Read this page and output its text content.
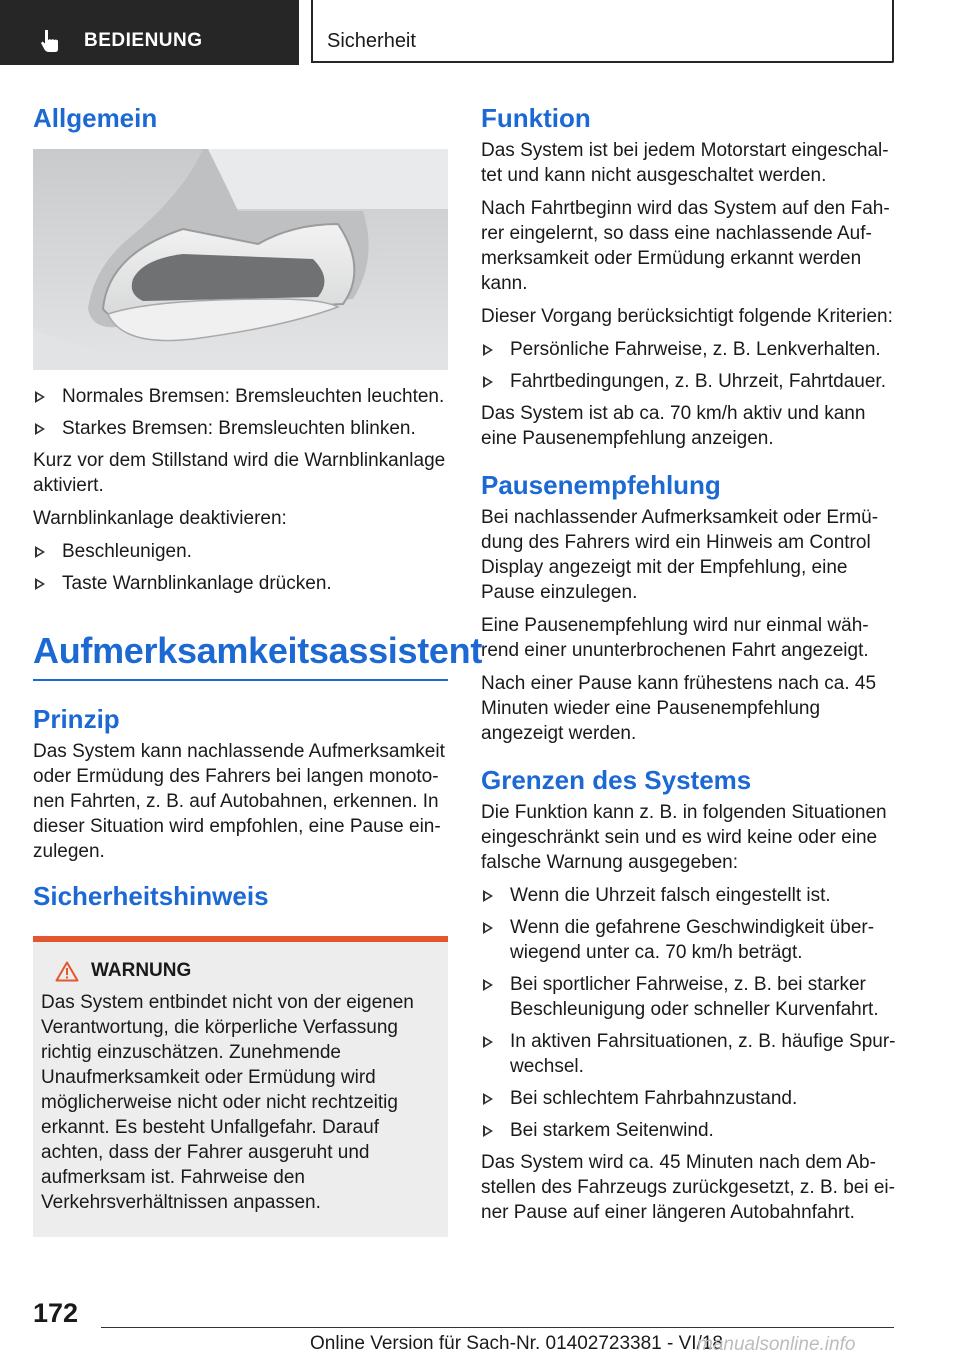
BEDIENUNG	Sicherheit
Allgemein
Normales Bremsen: Bremsleuchten leuchten.
Starkes Bremsen: Bremsleuchten blinken.

Kurz vor dem Stillstand wird die Warnblinkanlage aktiviert.

Warnblinkanlage deaktivieren:

Beschleunigen.
Taste Warnblinkanlage drücken.
Aufmerksamkeitsassistent
Prinzip

Das System kann nachlassende Aufmerksamkeit oder Ermüdung des Fahrers bei langen monotonen Fahrten, z. B. auf Autobahnen, erkennen. In dieser Situation wird empfohlen, eine Pause einzulegen.

Sicherheitshinweis
WARNUNG

Das System entbindet nicht von der eigenen Verantwortung, die körperliche Verfassung richtig einzuschätzen. Zunehmende Unaufmerksamkeit oder Ermüdung wird möglicherweise nicht oder nicht rechtzeitig erkannt. Es besteht Unfallgefahr. Darauf achten, dass der Fahrer ausgeruht und aufmerksam ist. Fahrweise den Verkehrsverhältnissen anpassen.

Funktion

Das System ist bei jedem Motorstart eingeschaltet und kann nicht ausgeschaltet werden.

Nach Fahrtbeginn wird das System auf den Fahrer eingelernt, so dass eine nachlassende Aufmerksamkeit oder Ermüdung erkannt werden kann.

Dieser Vorgang berücksichtigt folgende Kriterien:

Persönliche Fahrweise, z. B. Lenkverhalten.
Fahrtbedingungen, z. B. Uhrzeit, Fahrtdauer.

Das System ist ab ca. 70 km/h aktiv und kann eine Pausenempfehlung anzeigen.

Pausenempfehlung

Bei nachlassender Aufmerksamkeit oder Ermüdung des Fahrers wird ein Hinweis am Control Display angezeigt mit der Empfehlung, eine Pause einzulegen.

Eine Pausenempfehlung wird nur einmal während einer ununterbrochenen Fahrt angezeigt.

Nach einer Pause kann frühestens nach ca. 45 Minuten wieder eine Pausenempfehlung angezeigt werden.

Grenzen des Systems

Die Funktion kann z. B. in folgenden Situationen eingeschränkt sein und es wird keine oder eine falsche Warnung ausgegeben:

Wenn die Uhrzeit falsch eingestellt ist.
Wenn die gefahrene Geschwindigkeit überwiegend unter ca. 70 km/h beträgt.
Bei sportlicher Fahrweise, z. B. bei starker Beschleunigung oder schneller Kurvenfahrt.
In aktiven Fahrsituationen, z. B. häufige Spurwechsel.
Bei schlechtem Fahrbahnzustand.
Bei starkem Seitenwind.

Das System wird ca. 45 Minuten nach dem Abstellen des Fahrzeugs zurückgesetzt, z. B. bei einer Pause auf einer längeren Autobahnfahrt.

172
Online Version für Sach-Nr. 01402723381 - VI/18
manualsonline.info
